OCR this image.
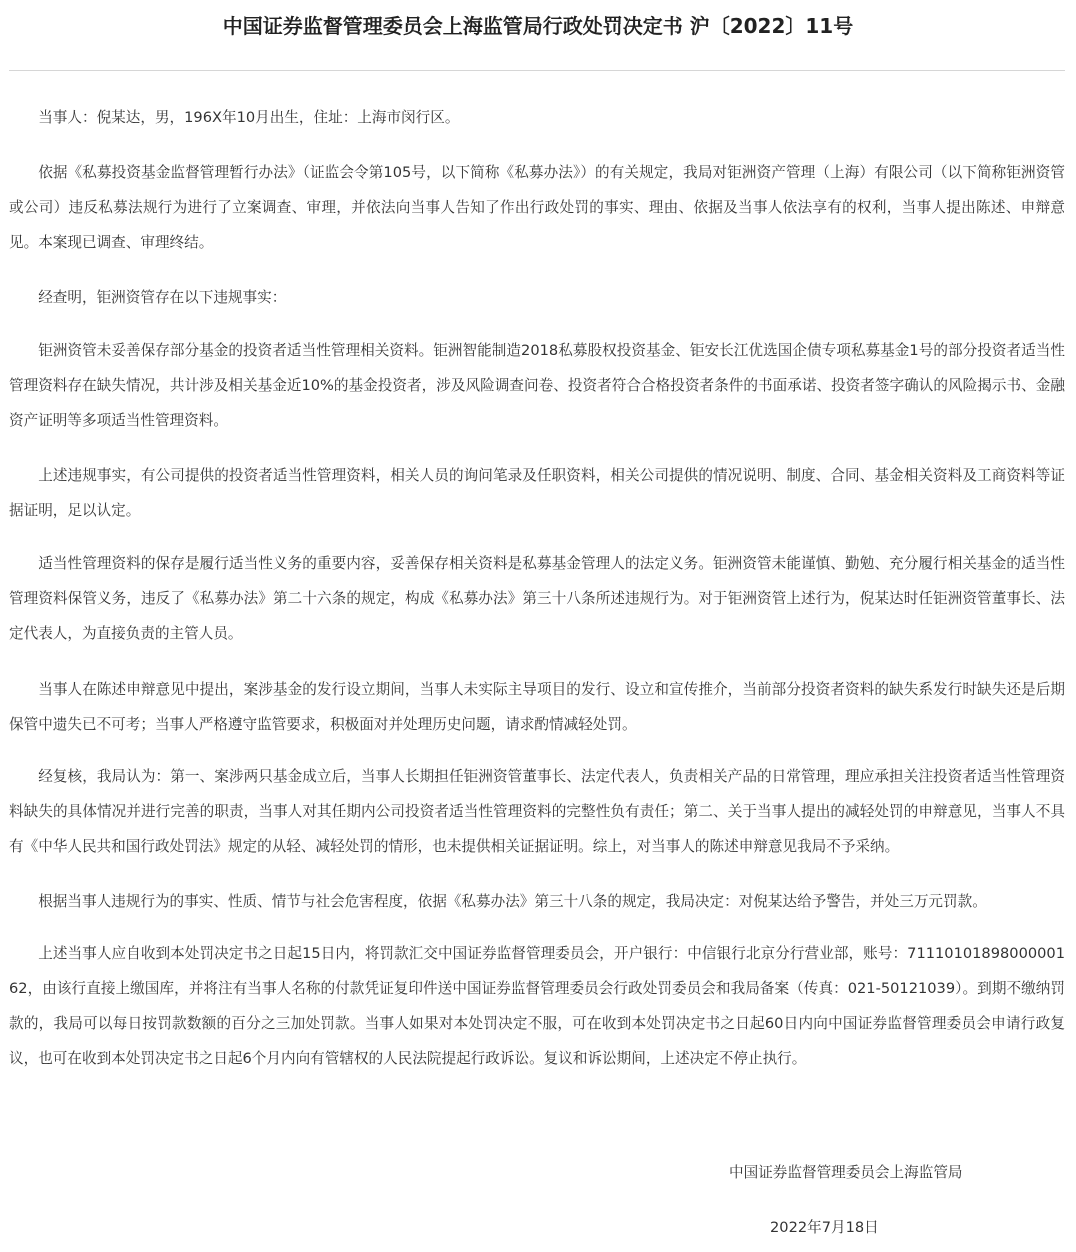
中国证券监督管理委员会上海监管局行政处罚决定书 沪〔2022〕11号

当事人：倪某达，男，196X年10月出生，住址：上海市闵行区。

依据《私募投资基金监督管理暂行办法》（证监会令第105号，以下简称《私募办法》）的有关规定，我局对钜洲资产管理（上海）有限公司（以下简称钜洲资管或公司）违反私募法规行为进行了立案调查、审理，并依法向当事人告知了作出行政处罚的事实、理由、依据及当事人依法享有的权利，当事人提出陈述、申辩意见。本案现已调查、审理终结。

经查明，钜洲资管存在以下违规事实：

钜洲资管未妥善保存部分基金的投资者适当性管理相关资料。钜洲智能制造2018私募股权投资基金、钜安长江优选国企债专项私募基金1号的部分投资者适当性管理资料存在缺失情况，共计涉及相关基金近10%的基金投资者，涉及风险调查问卷、投资者符合合格投资者条件的书面承诺、投资者签字确认的风险揭示书、金融资产证明等多项适当性管理资料。

上述违规事实，有公司提供的投资者适当性管理资料，相关人员的询问笔录及任职资料，相关公司提供的情况说明、制度、合同、基金相关资料及工商资料等证据证明，足以认定。

适当性管理资料的保存是履行适当性义务的重要内容，妥善保存相关资料是私募基金管理人的法定义务。钜洲资管未能谨慎、勤勉、充分履行相关基金的适当性管理资料保管义务，违反了《私募办法》第二十六条的规定，构成《私募办法》第三十八条所述违规行为。对于钜洲资管上述行为，倪某达时任钜洲资管董事长、法定代表人，为直接负责的主管人员。

当事人在陈述申辩意见中提出，案涉基金的发行设立期间，当事人未实际主导项目的发行、设立和宣传推介，当前部分投资者资料的缺失系发行时缺失还是后期保管中遗失已不可考；当事人严格遵守监管要求，积极面对并处理历史问题，请求酌情减轻处罚。

经复核，我局认为：第一、案涉两只基金成立后，当事人长期担任钜洲资管董事长、法定代表人，负责相关产品的日常管理，理应承担关注投资者适当性管理资料缺失的具体情况并进行完善的职责，当事人对其任期内公司投资者适当性管理资料的完整性负有责任；第二、关于当事人提出的减轻处罚的申辩意见，当事人不具有《中华人民共和国行政处罚法》规定的从轻、减轻处罚的情形，也未提供相关证据证明。综上，对当事人的陈述申辩意见我局不予采纳。

根据当事人违规行为的事实、性质、情节与社会危害程度，依据《私募办法》第三十八条的规定，我局决定：对倪某达给予警告，并处三万元罚款。

上述当事人应自收到本处罚决定书之日起15日内，将罚款汇交中国证券监督管理委员会，开户银行：中信银行北京分行营业部，账号：7111010189800000162，由该行直接上缴国库，并将注有当事人名称的付款凭证复印件送中国证券监督管理委员会行政处罚委员会和我局备案（传真：021-50121039）。到期不缴纳罚款的，我局可以每日按罚款数额的百分之三加处罚款。当事人如果对本处罚决定不服，可在收到本处罚决定书之日起60日内向中国证券监督管理委员会申请行政复议，也可在收到本处罚决定书之日起6个月内向有管辖权的人民法院提起行政诉讼。复议和诉讼期间，上述决定不停止执行。

中国证券监督管理委员会上海监管局

2022年7月18日
